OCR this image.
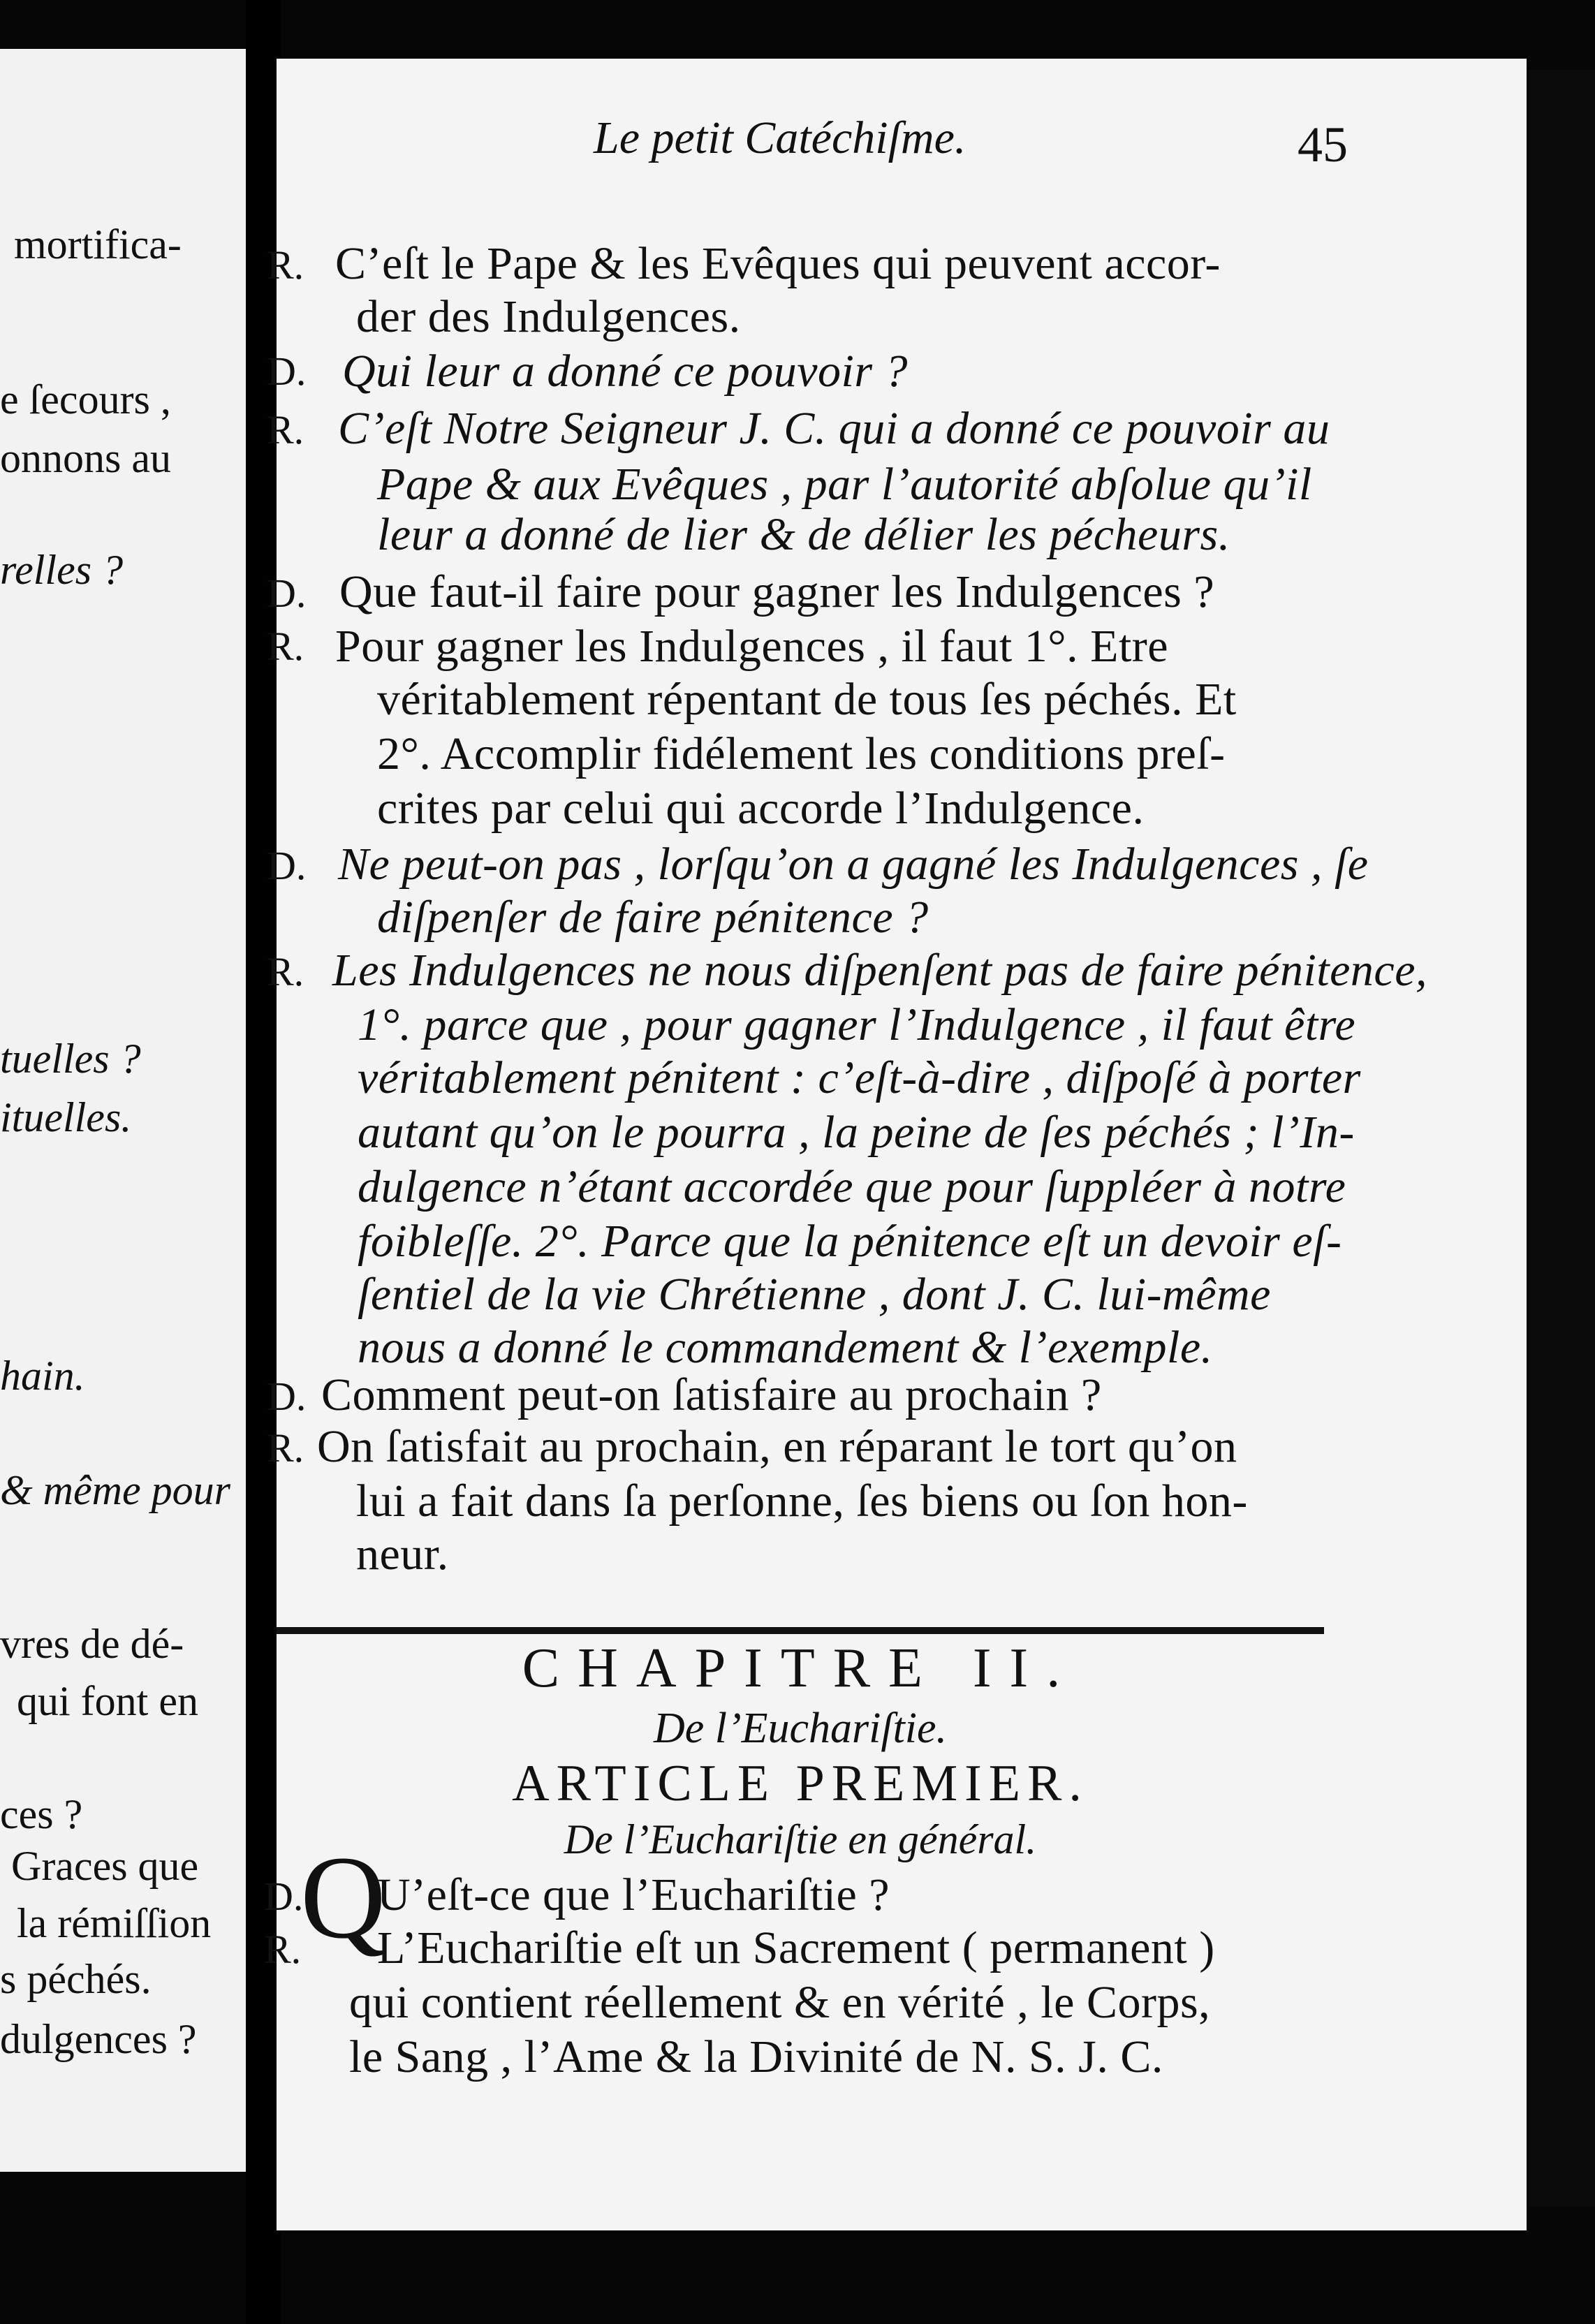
mortifica-
e ſecours ,
onnons au
relles ?
tuelles ?
ituelles.
hain.
& même pour
vres de dé-
qui font en
ces ?
Graces que
la rémiſſion
s péchés.
dulgences ?
Le petit Catéchiſme.	45
R. C’eſt le Pape & les Evêques qui peuvent accor-
der des Indulgences.
D. Qui leur a donné ce pouvoir ?
R. C’eſt Notre Seigneur J. C. qui a donné ce pouvoir au
Pape & aux Evêques , par l’autorité abſolue qu’il
leur a donné de lier & de délier les pécheurs.
D. Que faut-il faire pour gagner les Indulgences ?
R. Pour gagner les Indulgences , il faut 1°. Etre
véritablement répentant de tous ſes péchés. Et
2°. Accomplir fidélement les conditions preſ-
crites par celui qui accorde l’Indulgence.
D. Ne peut-on pas , lorſqu’on a gagné les Indulgences , ſe
diſpenſer de faire pénitence ?
R. Les Indulgences ne nous diſpenſent pas de faire pénitence,
1°. parce que , pour gagner l’Indulgence , il faut être
véritablement pénitent : c’eſt-à-dire , diſpoſé à porter
autant qu’on le pourra , la peine de ſes péchés ; l’In-
dulgence n’étant accordée que pour ſuppléer à notre
foibleſſe. 2°. Parce que la pénitence eſt un devoir eſ-
ſentiel de la vie Chrétienne , dont J. C. lui-même
nous a donné le commandement & l’exemple.
D. Comment peut-on ſatisfaire au prochain ?
R. On ſatisfait au prochain, en réparant le tort qu’on
lui a fait dans ſa perſonne, ſes biens ou ſon hon-
neur.
CHAPITRE II.
De l’Euchariſtie.
ARTICLE PREMIER.
De l’Euchariſtie en général.
Q
D. U’eſt-ce que l’Euchariſtie ?
R. L’Euchariſtie eſt un Sacrement ( permanent )
qui contient réellement & en vérité , le Corps,
le Sang , l’Ame & la Divinité de N. S. J. C.
